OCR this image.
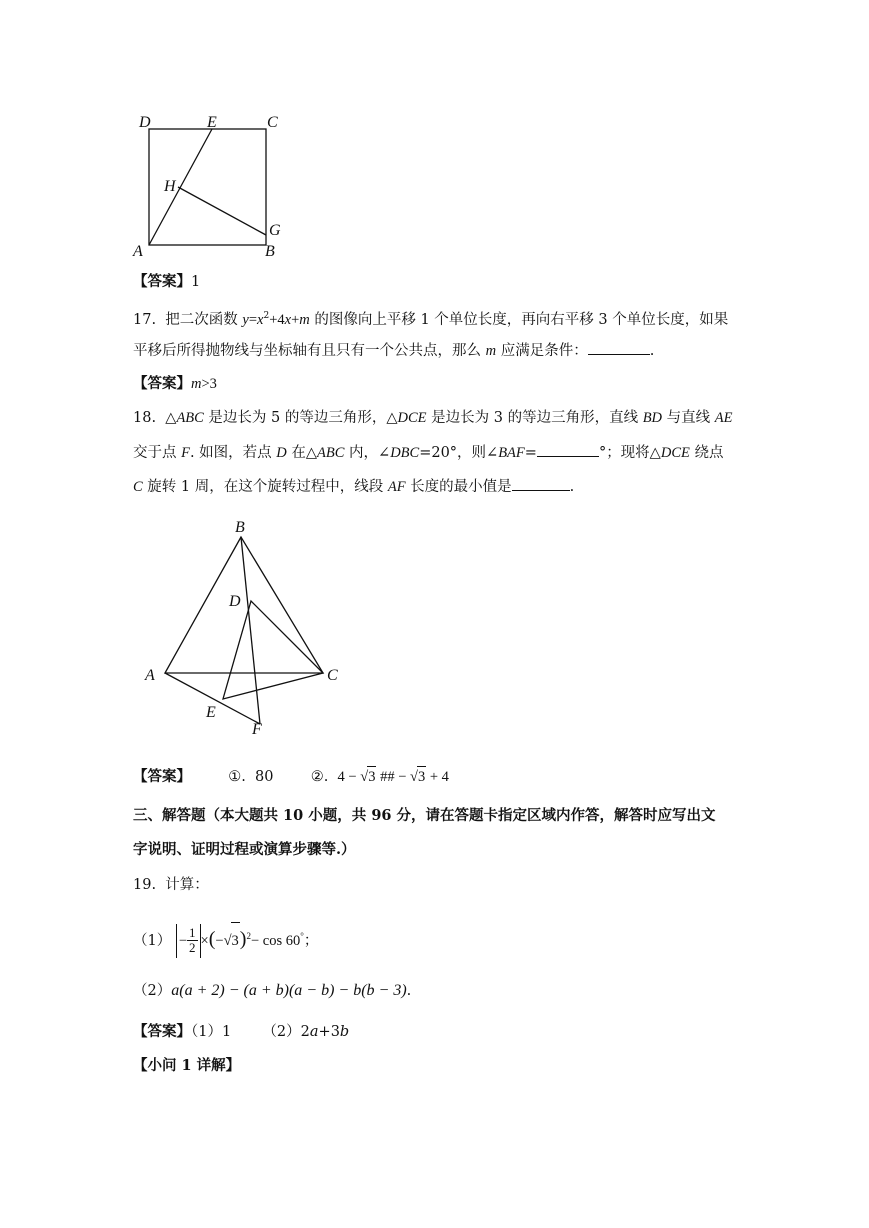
D	E	C
H
G
A	B
【答案】1
17. 把二次函数 $y=x^2+4x+m$ 的图像向上平移 1 个单位长度，再向右平移 3 个单位长度，如果
平移后所得抛物线与坐标轴有且只有一个公共点，那么 m 应满足条件：	.
【答案】m>3
18. △ABC 是边长为 5 的等边三角形，△DCE 是边长为 3 的等边三角形，直线 BD 与直线 AE
交于点 F. 如图，若点 D 在△ABC 内，∠DBC=20°，则∠BAF=	°；现将△DCE 绕点
C 旋转 1 周，在这个旋转过程中，线段 AF 长度的最小值是	.
B
D
A	C
E
F
【答案】	①. 80	②. 4 − √3 ## − √3 + 4
三、解答题（本大题共 10 小题，共 96 分，请在答题卡指定区域内作答，解答时应写出文
字说明、证明过程或演算步骤等.）
19. 计算：
$(1) - \frac{1}{2} \times(-√3)^2- \cos 60^\circ$；
（2）a(a + 2) − (a + b)(a − b) − b(b − 3).
【答案】（1）1 （2）2a+3b
【小问 1 详解】
